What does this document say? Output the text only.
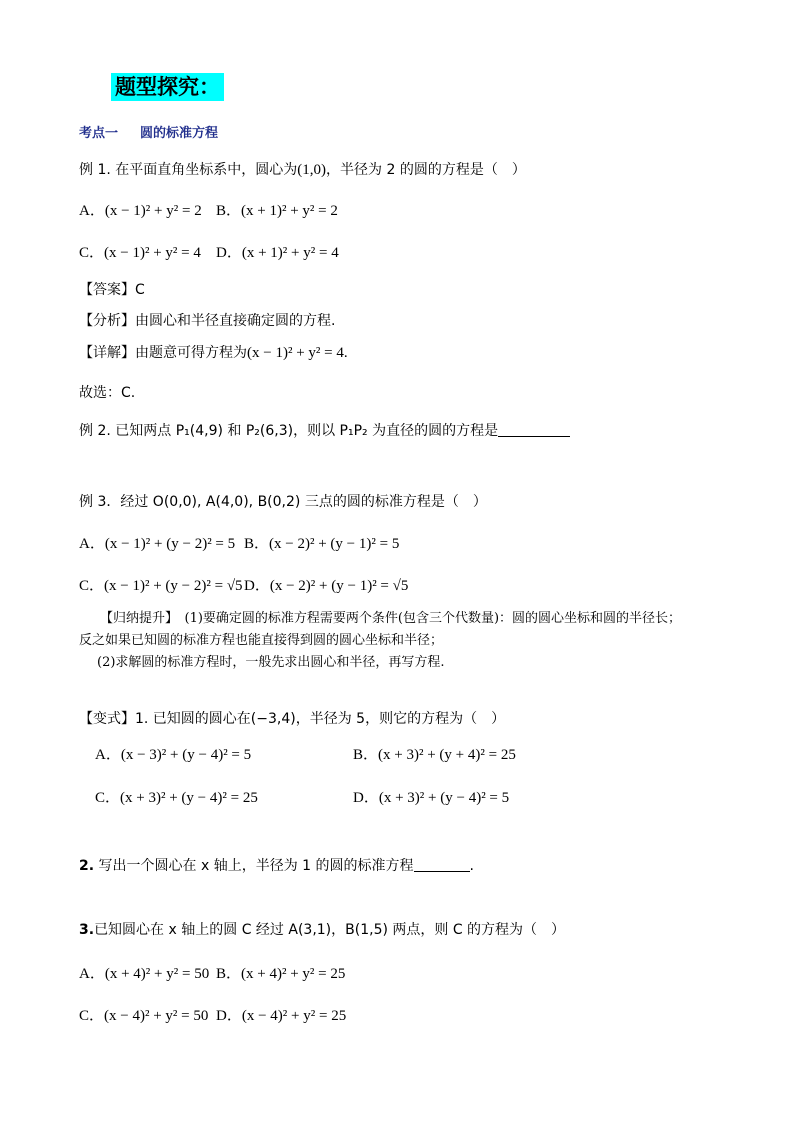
题型探究：
考点一 圆的标准方程
例 1. 在平面直角坐标系中，圆心为(1,0)，半径为 2 的圆的方程是（　）
A．(x − 1)² + y² = 2 B．(x + 1)² + y² = 2
C．(x − 1)² + y² = 4 D．(x + 1)² + y² = 4
【答案】C
【分析】由圆心和半径直接确定圆的方程.
【详解】由题意可得方程为(x − 1)² + y² = 4.
故选：C.
例 2. 已知两点 P₁(4,9) 和 P₂(6,3)，则以 P₁P₂ 为直径的圆的方程是
例 3．经过 O(0,0), A(4,0), B(0,2) 三点的圆的标准方程是（　）
A．(x − 1)² + (y − 2)² = 5 B．(x − 2)² + (y − 1)² = 5
C．(x − 1)² + (y − 2)² = √5 D．(x − 2)² + (y − 1)² = √5
【归纳提升】　(1)要确定圆的标准方程需要两个条件(包含三个代数量)：圆的圆心坐标和圆的半径长；
反之如果已知圆的标准方程也能直接得到圆的圆心坐标和半径；
(2)求解圆的标准方程时，一般先求出圆心和半径，再写方程.
【变式】1. 已知圆的圆心在(−3,4)，半径为 5，则它的方程为（　）
A．(x − 3)² + (y − 4)² = 5	B．(x + 3)² + (y + 4)² = 25
C．(x + 3)² + (y − 4)² = 25	D．(x + 3)² + (y − 4)² = 5
2. 写出一个圆心在 x 轴上，半径为 1 的圆的标准方程	.
3.已知圆心在 x 轴上的圆 C 经过 A(3,1)，B(1,5) 两点，则 C 的方程为（　）
A．(x + 4)² + y² = 50 B．(x + 4)² + y² = 25
C．(x − 4)² + y² = 50 D．(x − 4)² + y² = 25
